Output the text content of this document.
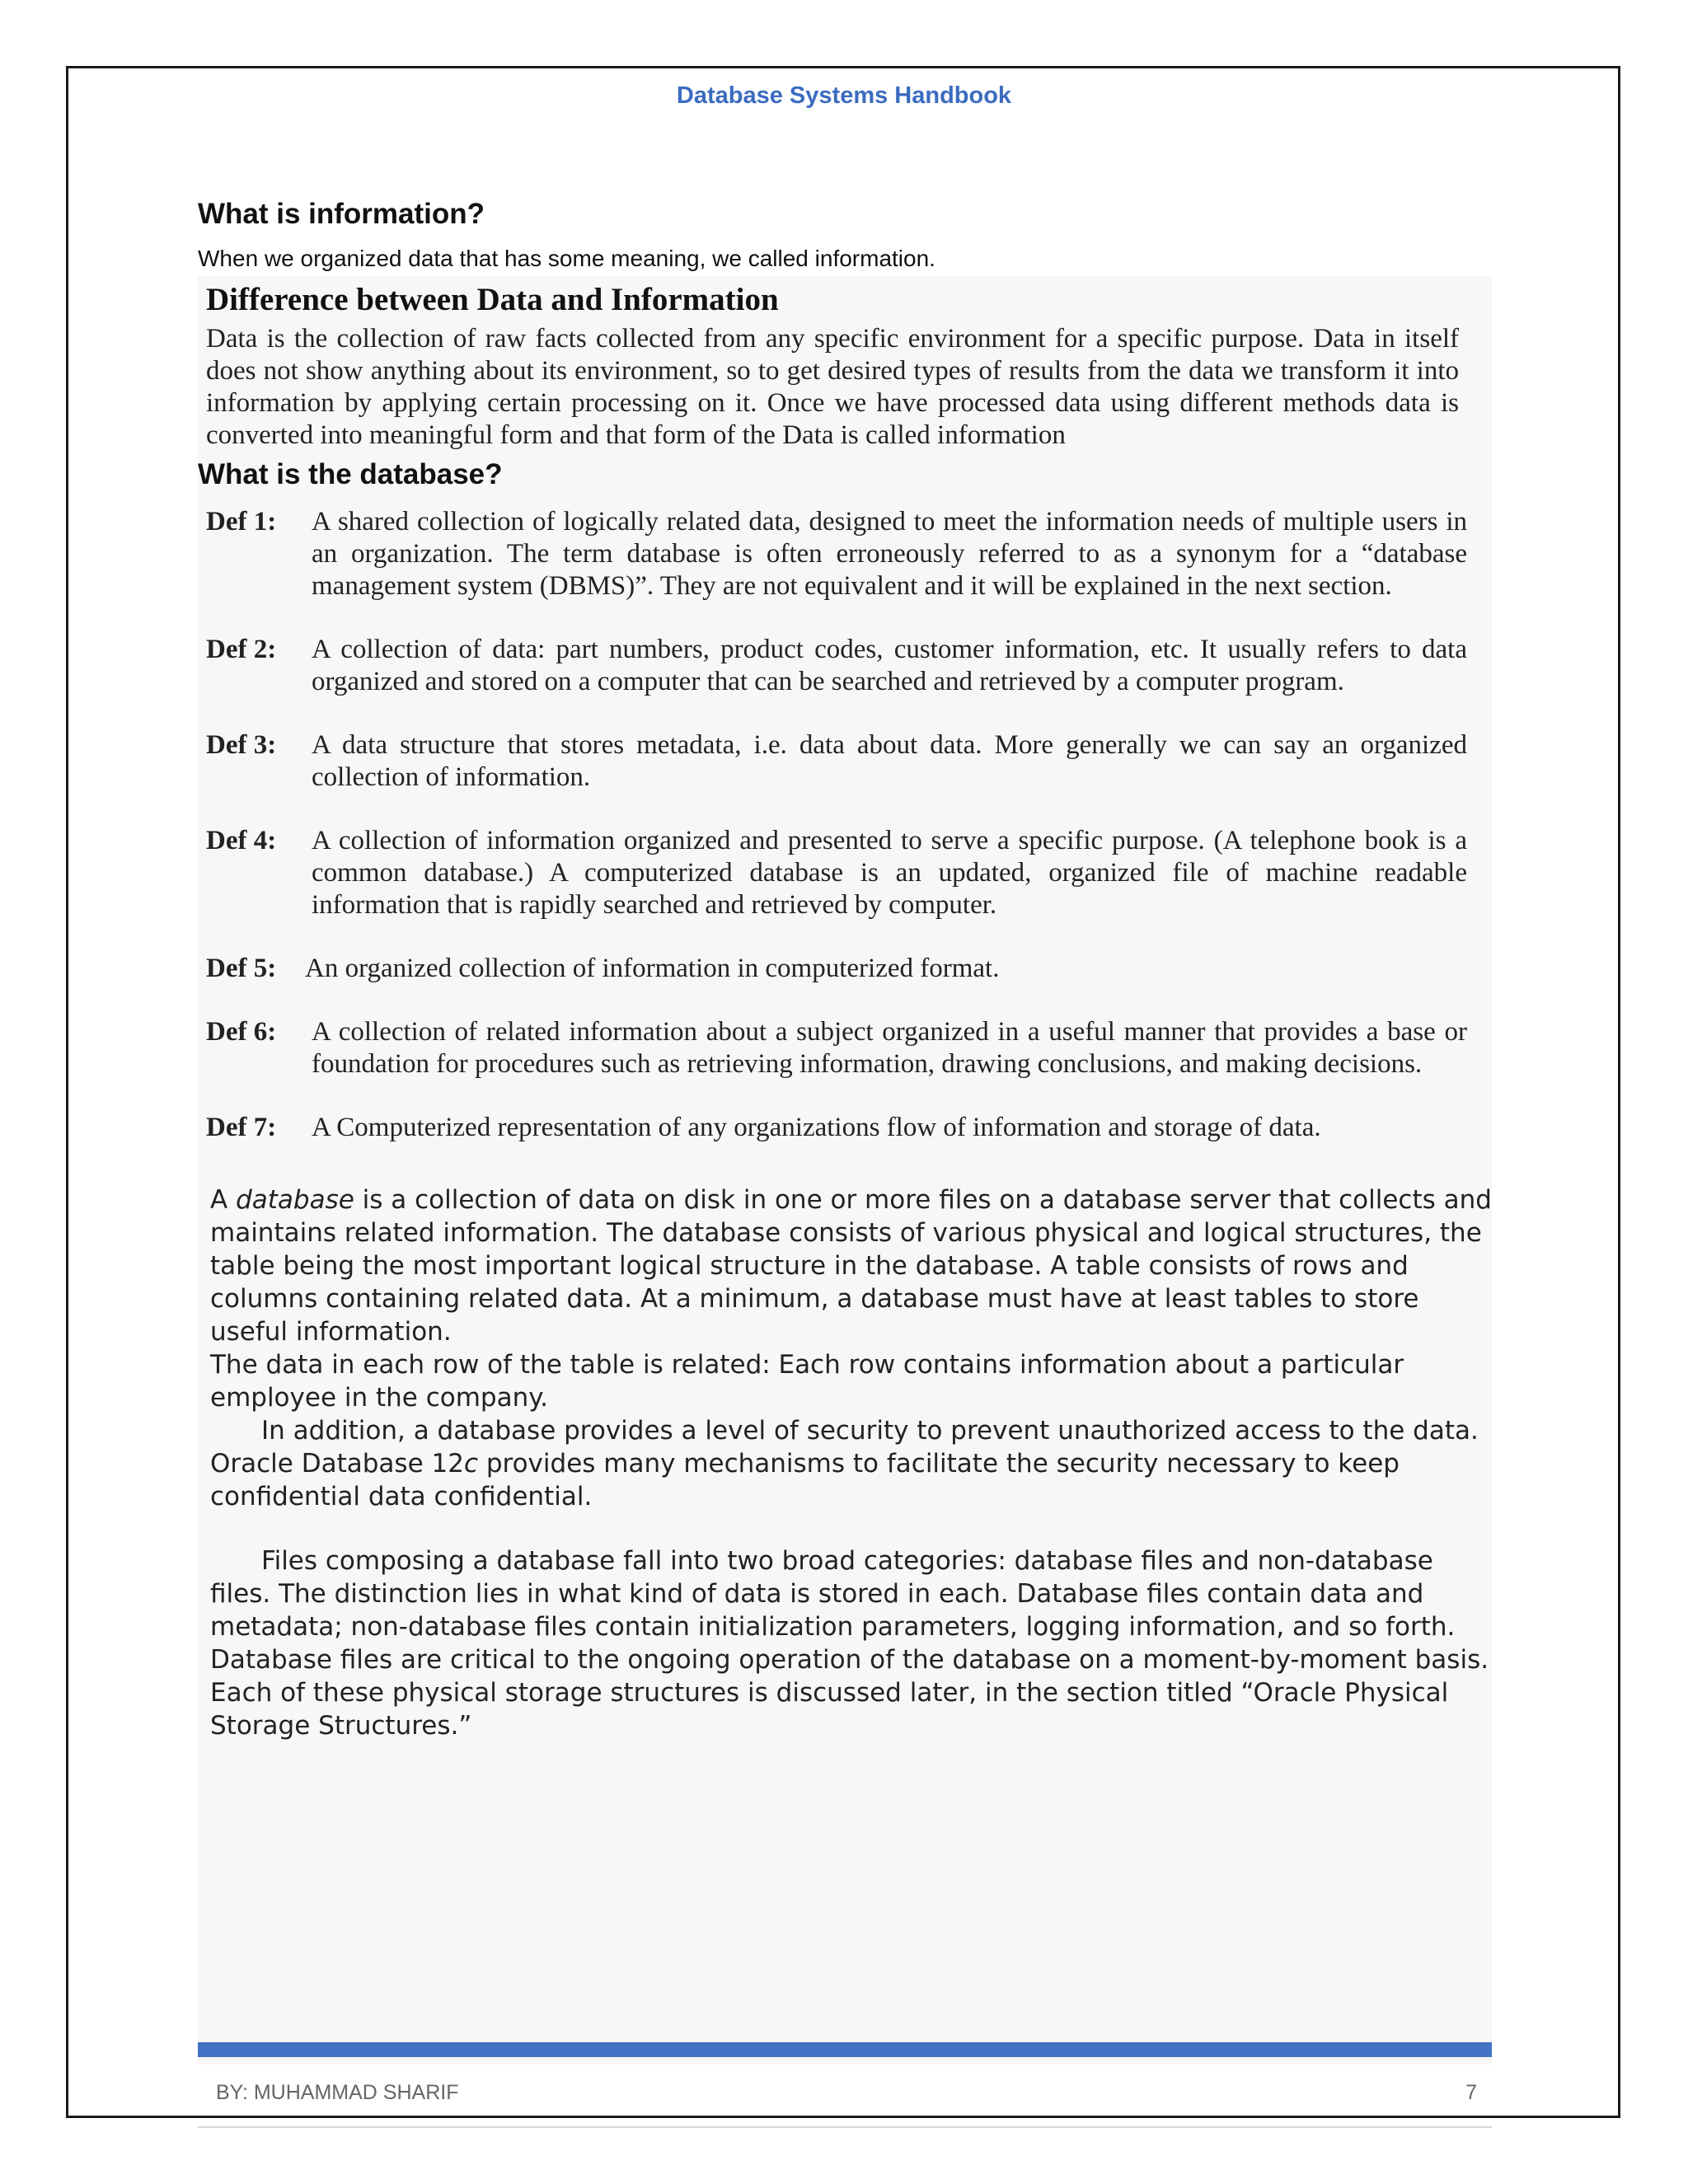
Database Systems Handbook
What is information?

When we organized data that has some meaning, we called information.

Difference between Data and Information

Data is the collection of raw facts collected from any specific environment for a specific purpose. Data in itself does not show anything about its environment, so to get desired types of results from the data we transform it into information by applying certain processing on it. Once we have processed data using different methods data is converted into meaningful form and that form of the Data is called information

What is the database?
Def 1:	A shared collection of logically related data, designed to meet the information needs of multiple users in an organization. The term database is often erroneously referred to as a synonym for a “database management system (DBMS)”. They are not equivalent and it will be explained in the next section.
Def 2:	A collection of data: part numbers, product codes, customer information, etc. It usually refers to data organized and stored on a computer that can be searched and retrieved by a computer program.
Def 3:	A data structure that stores metadata, i.e. data about data. More generally we can say an organized collection of information.
Def 4:	A collection of information organized and presented to serve a specific purpose. (A telephone book is a common database.) A computerized database is an updated, organized file of machine readable information that is rapidly searched and retrieved by computer.
Def 5:	An organized collection of information in computerized format.
Def 6:	A collection of related information about a subject organized in a useful manner that provides a base or foundation for procedures such as retrieving information, drawing conclusions, and making decisions.
Def 7:	A Computerized representation of any organizations flow of information and storage of data.

A database is a collection of data on disk in one or more files on a database server that collects and maintains related information. The database consists of various physical and logical structures, the table being the most important logical structure in the database. A table consists of rows and columns containing related data. At a minimum, a database must have at least tables to store useful information.

The data in each row of the table is related: Each row contains information about a particular employee in the company.

In addition, a database provides a level of security to prevent unauthorized access to the data. Oracle Database 12c provides many mechanisms to facilitate the security necessary to keep confidential data confidential.

Files composing a database fall into two broad categories: database files and non-database files. The distinction lies in what kind of data is stored in each. Database files contain data and metadata; non-database files contain initialization parameters, logging information, and so forth. Database files are critical to the ongoing operation of the database on a moment-by-moment basis. Each of these physical storage structures is discussed later, in the section titled “Oracle Physical Storage Structures.”

BY: MUHAMMAD SHARIF	7
